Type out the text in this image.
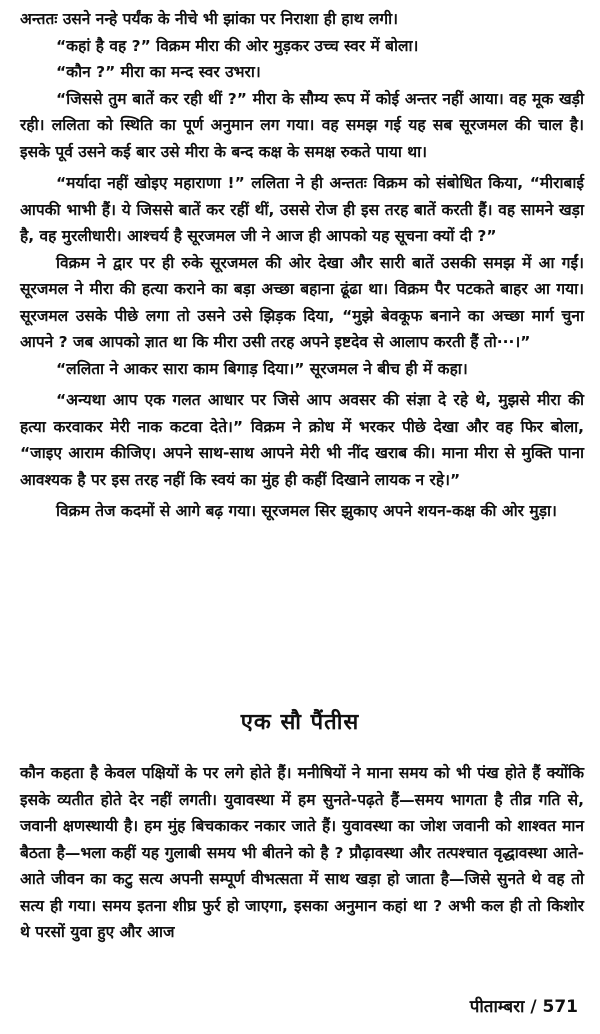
अन्ततः उसने नन्हे पर्यंक के नीचे भी झांका पर निराशा ही हाथ लगी।

“कहां है वह ?” विक्रम मीरा की ओर मुड़कर उच्च स्वर में बोला।

“कौन ?” मीरा का मन्द स्वर उभरा।

“जिससे तुम बातें कर रही थीं ?” मीरा के सौम्य रूप में कोई अन्तर नहीं आया। वह मूक खड़ी रही। ललिता को स्थिति का पूर्ण अनुमान लग गया। वह समझ गई यह सब सूरजमल की चाल है। इसके पूर्व उसने कई बार उसे मीरा के बन्द कक्ष के समक्ष रुकते पाया था।

“मर्यादा नहीं खोइए महाराणा !” ललिता ने ही अन्ततः विक्रम को संबोधित किया, “मीराबाई आपकी भाभी हैं। ये जिससे बातें कर रहीं थीं, उससे रोज ही इस तरह बातें करती हैं। वह सामने खड़ा है, वह मुरलीधारी। आश्चर्य है सूरजमल जी ने आज ही आपको यह सूचना क्यों दी ?”

विक्रम ने द्वार पर ही रुके सूरजमल की ओर देखा और सारी बातें उसकी समझ में आ गईं। सूरजमल ने मीरा की हत्या कराने का बड़ा अच्छा बहाना ढूंढा था। विक्रम पैर पटकते बाहर आ गया। सूरजमल उसके पीछे लगा तो उसने उसे झिड़क दिया, “मुझे बेवकूफ बनाने का अच्छा मार्ग चुना आपने ? जब आपको ज्ञात था कि मीरा उसी तरह अपने इष्टदेव से आलाप करती हैं तो···।”

“ललिता ने आकर सारा काम बिगाड़ दिया।” सूरजमल ने बीच ही में कहा।

“अन्यथा आप एक गलत आधार पर जिसे आप अवसर की संज्ञा दे रहे थे, मुझसे मीरा की हत्या करवाकर मेरी नाक कटवा देते।” विक्रम ने क्रोध में भरकर पीछे देखा और वह फिर बोला, “जाइए आराम कीजिए। अपने साथ-साथ आपने मेरी भी नींद खराब की। माना मीरा से मुक्ति पाना आवश्यक है पर इस तरह नहीं कि स्वयं का मुंह ही कहीं दिखाने लायक न रहे।”

विक्रम तेज कदमों से आगे बढ़ गया। सूरजमल सिर झुकाए अपने शयन-कक्ष की ओर मुड़ा।

एक सौ पैंतीस

कौन कहता है केवल पक्षियों के पर लगे होते हैं। मनीषियों ने माना समय को भी पंख होते हैं क्योंकि इसके व्यतीत होते देर नहीं लगती। युवावस्था में हम सुनते-पढ़ते हैं—समय भागता है तीव्र गति से, जवानी क्षणस्थायी है। हम मुंह बिचकाकर नकार जाते हैं। युवावस्था का जोश जवानी को शाश्वत मान बैठता है—भला कहीं यह गुलाबी समय भी बीतने को है ? प्रौढ़ावस्था और तत्पश्चात वृद्धावस्था आते-आते जीवन का कटु सत्य अपनी सम्पूर्ण वीभत्सता में साथ खड़ा हो जाता है—जिसे सुनते थे वह तो सत्य ही गया। समय इतना शीघ्र फुर्र हो जाएगा, इसका अनुमान कहां था ? अभी कल ही तो किशोर थे परसों युवा हुए और आज

पीताम्बरा / 571
